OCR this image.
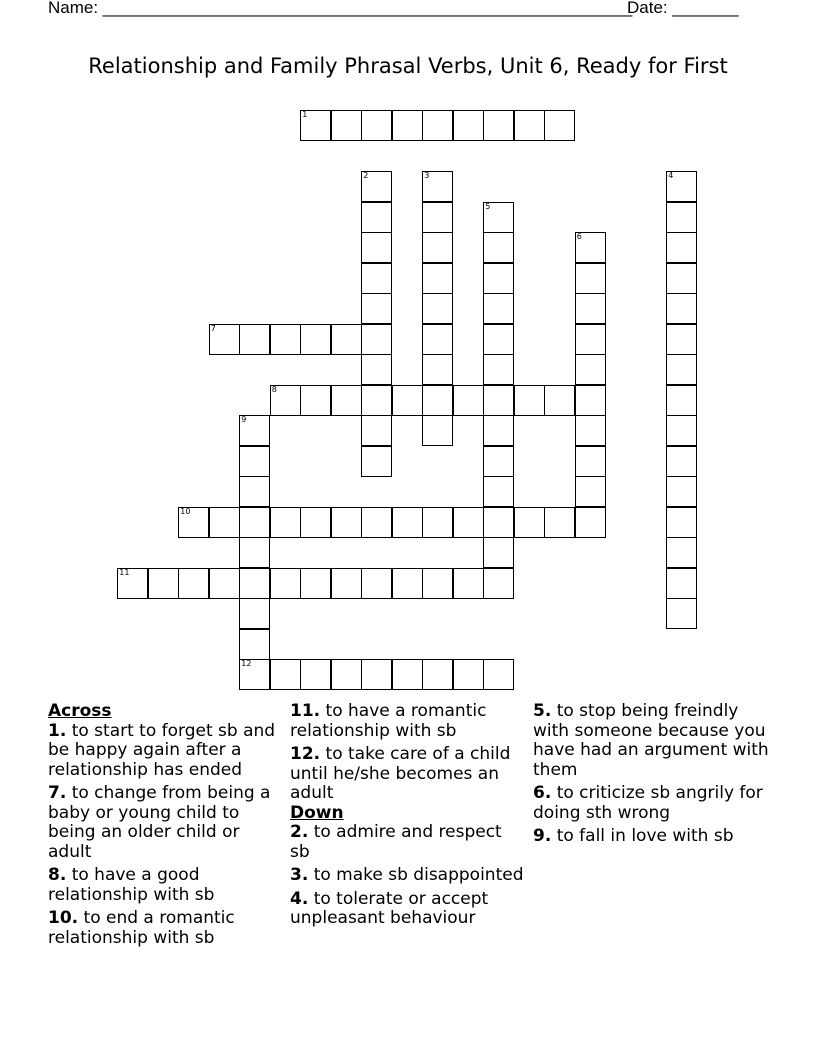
Name: ________________________________________________________
Date: _______
Relationship and Family Phrasal Verbs, Unit 6, Ready for First
1
2	3	4
5
6
7
8
9
12
10
11
Across
1. to start to forget sb and be happy again after a relationship has ended
7. to change from being a baby or young child to being an older child or adult
8. to have a good relationship with sb
10. to end a romantic relationship with sb
11. to have a romantic relationship with sb
12. to take care of a child until he/she becomes an adult
Down
2. to admire and respect sb
3. to make sb disappointed
4. to tolerate or accept unpleasant behaviour
5. to stop being freindly with someone because you have had an argument with them
6. to criticize sb angrily for doing sth wrong
9. to fall in love with sb
